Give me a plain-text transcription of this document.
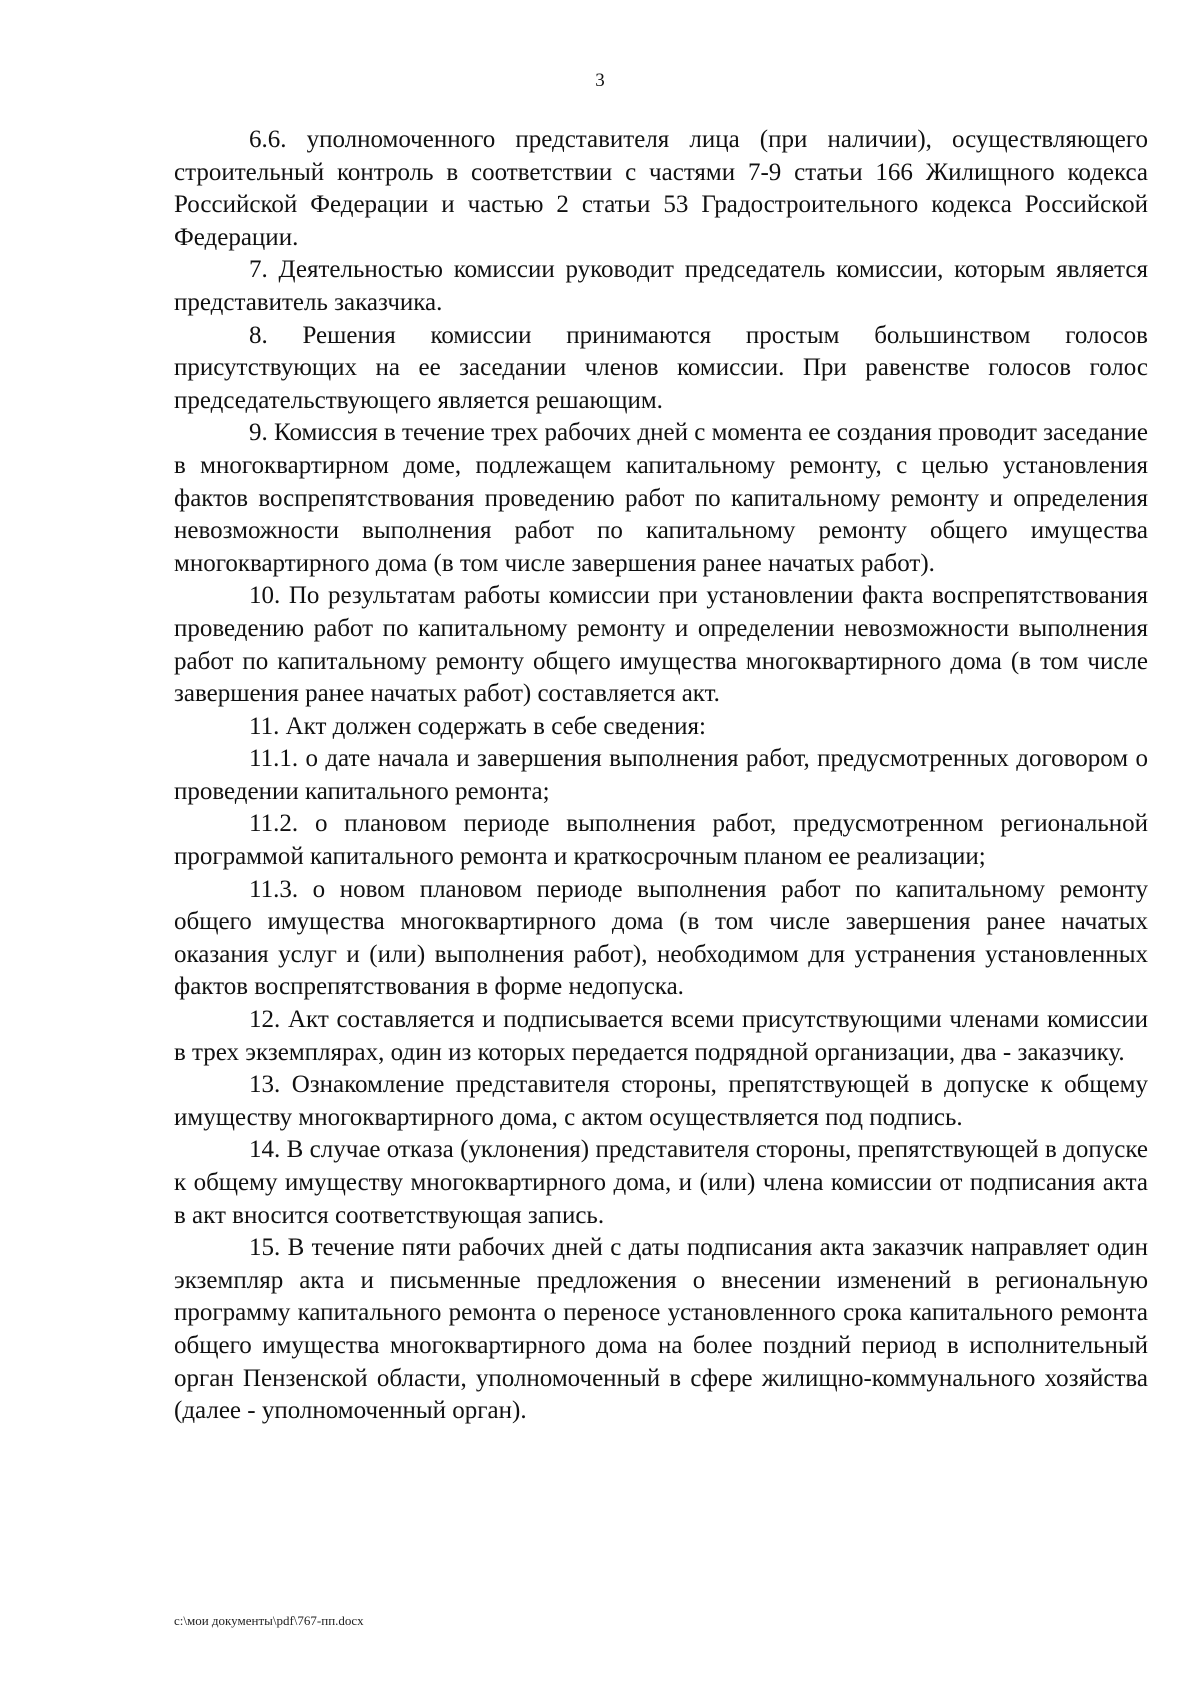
3

6.6. уполномоченного представителя лица (при наличии), осуществляющего строительный контроль в соответствии с частями 7-9 статьи 166 Жилищного кодекса Российской Федерации и частью 2 статьи 53 Градостроительного кодекса Российской Федерации.

7. Деятельностью комиссии руководит председатель комиссии, которым является представитель заказчика.

8. Решения комиссии принимаются простым большинством голосов присутствующих на ее заседании членов комиссии. При равенстве голосов голос председательствующего является решающим.

9. Комиссия в течение трех рабочих дней с момента ее создания проводит заседание в многоквартирном доме, подлежащем капитальному ремонту, с целью установления фактов воспрепятствования проведению работ по капитальному ремонту и определения невозможности выполнения работ по капитальному ремонту общего имущества многоквартирного дома (в том числе завершения ранее начатых работ).

10. По результатам работы комиссии при установлении факта воспрепятствования проведению работ по капитальному ремонту и определении невозможности выполнения работ по капитальному ремонту общего имущества многоквартирного дома (в том числе завершения ранее начатых работ) составляется акт.

11. Акт должен содержать в себе сведения:

11.1. о дате начала и завершения выполнения работ, предусмотренных договором о проведении капитального ремонта;

11.2. о плановом периоде выполнения работ, предусмотренном региональной программой капитального ремонта и краткосрочным планом ее реализации;

11.3. о новом плановом периоде выполнения работ по капитальному ремонту общего имущества многоквартирного дома (в том числе завершения ранее начатых оказания услуг и (или) выполнения работ), необходимом для устранения установленных фактов воспрепятствования в форме недопуска.

12. Акт составляется и подписывается всеми присутствующими членами комиссии в трех экземплярах, один из которых передается подрядной организации, два - заказчику.

13. Ознакомление представителя стороны, препятствующей в допуске к общему имуществу многоквартирного дома, с актом осуществляется под подпись.

14. В случае отказа (уклонения) представителя стороны, препятствующей в допуске к общему имуществу многоквартирного дома, и (или) члена комиссии от подписания акта в акт вносится соответствующая запись.

15. В течение пяти рабочих дней с даты подписания акта заказчик направляет один экземпляр акта и письменные предложения о внесении изменений в региональную программу капитального ремонта о переносе установленного срока капитального ремонта общего имущества многоквартирного дома на более поздний период в исполнительный орган Пензенской области, уполномоченный в сфере жилищно-коммунального хозяйства (далее - уполномоченный орган).

c:\мои документы\pdf\767-пп.docx
